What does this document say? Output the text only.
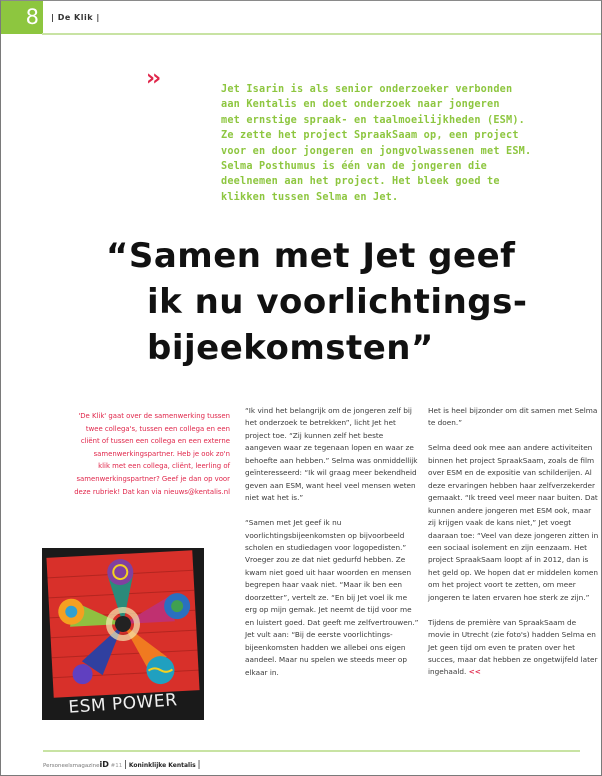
8	| De Klik |
››	Jet Isarin is als senior onderzoeker verbonden
aan Kentalis en doet onderzoek naar jongeren
met ernstige spraak- en taalmoeilijkheden (ESM).
Ze zette het project SpraakSaam op, een project
voor en door jongeren en jongvolwassenen met ESM.
Selma Posthumus is één van de jongeren die
deelnemen aan het project. Het bleek goed te
klikken tussen Selma en Jet.
“Samen met Jet geef
ik nu voorlichtings-
bijeekomsten”
'De Klik' gaat over de samenwerking tussen
twee collega's, tussen een collega en een
cliënt of tussen een collega en een externe
samenwerkingspartner. Heb je ook zo'n
klik met een collega, cliënt, leerling of
samenwerkingspartner? Geef je dan op voor
deze rubriek! Dat kan via nieuws@kentalis.nl
ESM POWER

“Ik vind het belangrijk om de jongeren zelf bij het onderzoek te betrekken”, licht Jet het project toe. “Zij kunnen zelf het beste aangeven waar ze tegenaan lopen en waar ze behoefte aan hebben.” Selma was onmiddellijk geïnteresseerd: “Ik wil graag meer bekendheid geven aan ESM, want heel veel mensen weten niet wat het is.”

“Samen met Jet geef ik nu voorlichtingsbijeenkomsten op bijvoorbeeld scholen en studiedagen voor logopedisten.” Vroeger zou ze dat niet gedurfd hebben. Ze kwam niet goed uit haar woorden en mensen begrepen haar vaak niet. “Maar ik ben een doorzetter”, vertelt ze. “En bij Jet voel ik me erg op mijn gemak. Jet neemt de tijd voor me en luistert goed. Dat geeft me zelfvertrouwen.” Jet vult aan: “Bij de eerste voorlichtings-bijeenkomsten hadden we allebei ons eigen aandeel. Maar nu spelen we steeds meer op elkaar in.

Het is heel bijzonder om dit samen met Selma te doen.”

Selma deed ook mee aan andere activiteiten binnen het project SpraakSaam, zoals de film over ESM en de expositie van schilderijen. Al deze ervaringen hebben haar zelfverzekerder gemaakt. “Ik treed veel meer naar buiten. Dat kunnen andere jongeren met ESM ook, maar zij krijgen vaak de kans niet,” Jet voegt daaraan toe: “Veel van deze jongeren zitten in een sociaal isolement en zijn eenzaam. Het project SpraakSaam loopt af in 2012, dan is het geld op. We hopen dat er middelen komen om het project voort te zetten, om meer jongeren te laten ervaren hoe sterk ze zijn.”

Tijdens de première van SpraakSaam de movie in Utrecht (zie foto's) hadden Selma en Jet geen tijd om even te praten over het succes, maar dat hebben ze ongetwijfeld later ingehaald. <<

PersoneelsmagazineiD #11 | Koninklijke Kentalis |
